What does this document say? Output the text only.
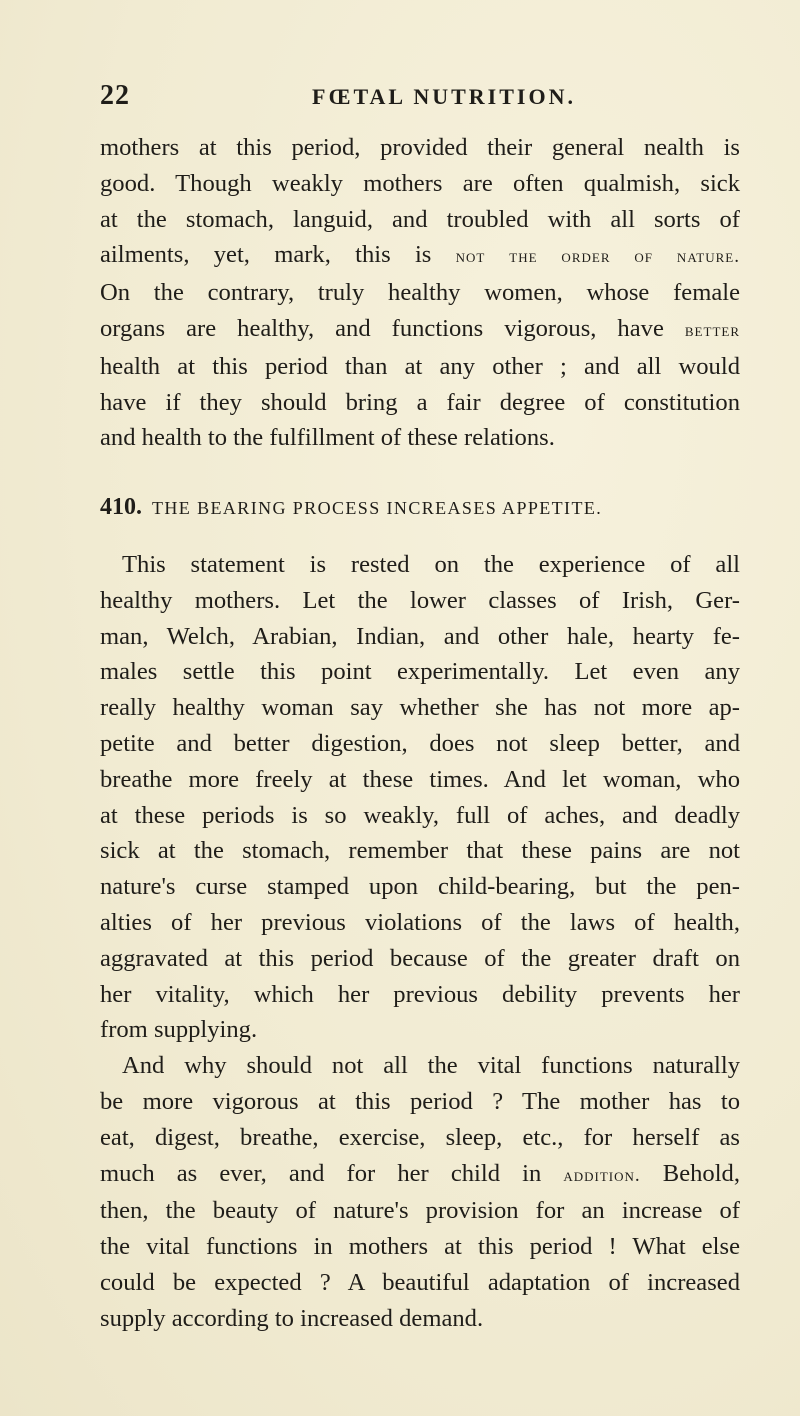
22	FŒTAL NUTRITION.
mothers at this period, provided their general nealth is
good. Though weakly mothers are often qualmish, sick
at the stomach, languid, and troubled with all sorts of
ailments, yet, mark, this is not the order of nature.
On the contrary, truly healthy women, whose female
organs are healthy, and functions vigorous, have better
health at this period than at any other ; and all would
have if they should bring a fair degree of constitution
and health to the fulfillment of these relations.
410. THE BEARING PROCESS INCREASES APPETITE.
This statement is rested on the experience of all
healthy mothers. Let the lower classes of Irish, Ger-
man, Welch, Arabian, Indian, and other hale, hearty fe-
males settle this point experimentally. Let even any
really healthy woman say whether she has not more ap-
petite and better digestion, does not sleep better, and
breathe more freely at these times. And let woman, who
at these periods is so weakly, full of aches, and deadly
sick at the stomach, remember that these pains are not
nature's curse stamped upon child-bearing, but the pen-
alties of her previous violations of the laws of health,
aggravated at this period because of the greater draft on
her vitality, which her previous debility prevents her
from supplying.
And why should not all the vital functions naturally
be more vigorous at this period ? The mother has to
eat, digest, breathe, exercise, sleep, etc., for herself as
much as ever, and for her child in addition. Behold,
then, the beauty of nature's provision for an increase of
the vital functions in mothers at this period ! What else
could be expected ? A beautiful adaptation of increased
supply according to increased demand.
